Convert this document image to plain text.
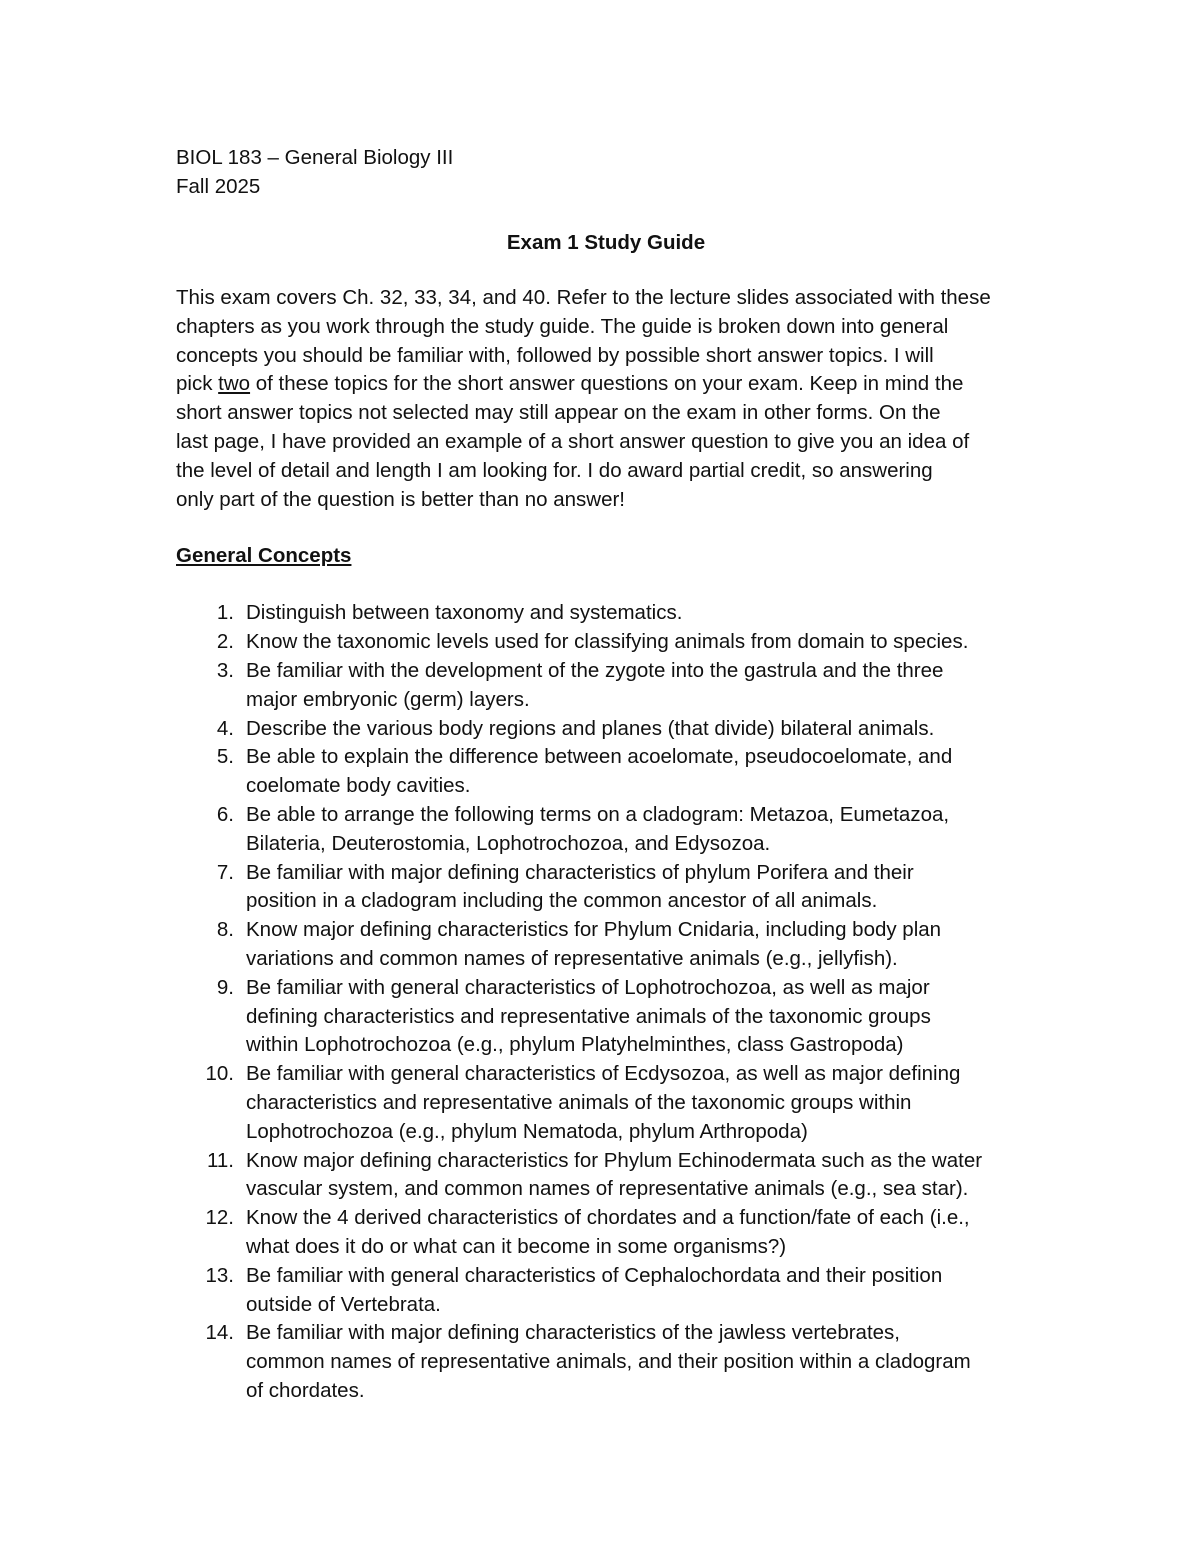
BIOL 183 – General Biology III
Fall 2025
Exam 1 Study Guide
This exam covers Ch. 32, 33, 34, and 40. Refer to the lecture slides associated with these
chapters as you work through the study guide. The guide is broken down into general
concepts you should be familiar with, followed by possible short answer topics. I will
pick two of these topics for the short answer questions on your exam. Keep in mind the
short answer topics not selected may still appear on the exam in other forms. On the
last page, I have provided an example of a short answer question to give you an idea of
the level of detail and length I am looking for. I do award partial credit, so answering
only part of the question is better than no answer!
General Concepts
1. Distinguish between taxonomy and systematics.
2. Know the taxonomic levels used for classifying animals from domain to species.
3. Be familiar with the development of the zygote into the gastrula and the three
major embryonic (germ) layers.
4. Describe the various body regions and planes (that divide) bilateral animals.
5. Be able to explain the difference between acoelomate, pseudocoelomate, and
coelomate body cavities.
6. Be able to arrange the following terms on a cladogram: Metazoa, Eumetazoa,
Bilateria, Deuterostomia, Lophotrochozoa, and Edysozoa.
7. Be familiar with major defining characteristics of phylum Porifera and their
position in a cladogram including the common ancestor of all animals.
8. Know major defining characteristics for Phylum Cnidaria, including body plan
variations and common names of representative animals (e.g., jellyfish).
9. Be familiar with general characteristics of Lophotrochozoa, as well as major
defining characteristics and representative animals of the taxonomic groups
within Lophotrochozoa (e.g., phylum Platyhelminthes, class Gastropoda)
10. Be familiar with general characteristics of Ecdysozoa, as well as major defining
characteristics and representative animals of the taxonomic groups within
Lophotrochozoa (e.g., phylum Nematoda, phylum Arthropoda)
11. Know major defining characteristics for Phylum Echinodermata such as the water
vascular system, and common names of representative animals (e.g., sea star).
12. Know the 4 derived characteristics of chordates and a function/fate of each (i.e.,
what does it do or what can it become in some organisms?)
13. Be familiar with general characteristics of Cephalochordata and their position
outside of Vertebrata.
14. Be familiar with major defining characteristics of the jawless vertebrates,
common names of representative animals, and their position within a cladogram
of chordates.
